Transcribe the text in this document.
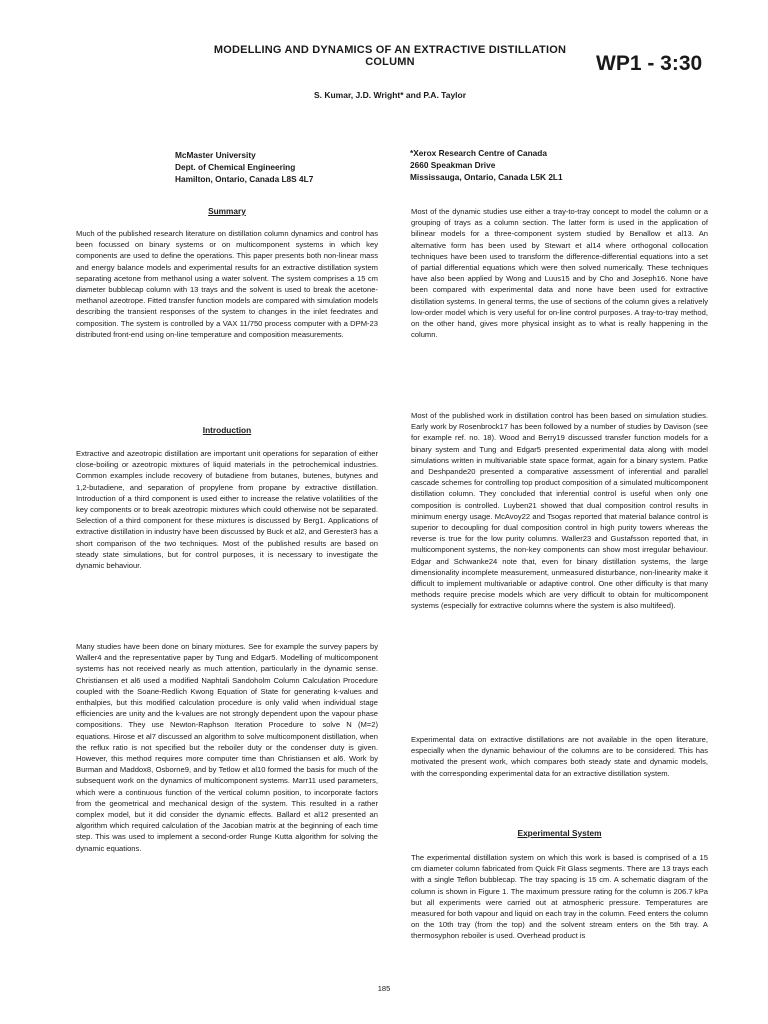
MODELLING AND DYNAMICS OF AN EXTRACTIVE DISTILLATION COLUMN	WP1 - 3:30
S. Kumar, J.D. Wright* and P.A. Taylor
McMaster University
Dept. of Chemical Engineering
Hamilton, Ontario, Canada L8S 4L7
*Xerox Research Centre of Canada
2660 Speakman Drive
Mississauga, Ontario, Canada L5K 2L1
Summary
Much of the published research literature on distillation column dynamics and control has been focussed on binary systems or on multicomponent systems in which key components are used to define the operations. This paper presents both non-linear mass and energy balance models and experimental results for an extractive distillation system separating acetone from methanol using a water solvent. The system comprises a 15 cm diameter bubblecap column with 13 trays and the solvent is used to break the acetone-methanol azeotrope. Fitted transfer function models are compared with simulation models describing the transient responses of the system to changes in the inlet feedrates and composition. The system is controlled by a VAX 11/750 process computer with a DPM-23 distributed front-end using on-line temperature and composition measurements.
Introduction
Extractive and azeotropic distillation are important unit operations for separation of either close-boiling or azeotropic mixtures of liquid materials in the petrochemical industries. Common examples include recovery of butadiene from butanes, butenes, butynes and 1,2-butadiene, and separation of propylene from propane by extractive distillation. Introduction of a third component is used either to increase the relative volatilities of the key components or to break azeotropic mixtures which could otherwise not be separated. Selection of a third component for these mixtures is discussed by Berg1. Applications of extractive distillation in industry have been discussed by Buck et al2, and Gerester3 has a short comparison of the two techniques. Most of the published results are based on steady state simulations, but for control purposes, it is necessary to investigate the dynamic behaviour.
Many studies have been done on binary mixtures. See for example the survey papers by Waller4 and the representative paper by Tung and Edgar5. Modelling of multicomponent systems has not received nearly as much attention, particularly in the dynamic sense. Christiansen et al6 used a modified Naphtali Sandoholm Column Calculation Procedure coupled with the Soane-Redlich Kwong Equation of State for generating k-values and enthalpies, but this modified calculation procedure is only valid when individual stage efficiencies are unity and the k-values are not strongly dependent upon the vapour phase compositions. They use Newton-Raphson Iteration Procedure to solve N (M=2) equations. Hirose et al7 discussed an algorithm to solve multicomponent distillation, when the reflux ratio is not specified but the reboiler duty or the condenser duty is given. However, this method requires more computer time than Christiansen et al6. Work by Burman and Maddox8, Osborne9, and by Tetlow et al10 formed the basis for much of the subsequent work on the dynamics of multicomponent systems. Marr11 used parameters, which were a continuous function of the vertical column position, to incorporate factors from the geometrical and mechanical design of the system. This resulted in a rather complex model, but it did consider the dynamic effects. Ballard et al12 presented an algorithm which required calculation of the Jacobian matrix at the beginning of each time step. This was used to implement a second-order Runge Kutta algorithm for solving the dynamic equations.
Most of the dynamic studies use either a tray-to-tray concept to model the column or a grouping of trays as a column section. The latter form is used in the application of bilinear models for a three-component system studied by Benallow et al13. An alternative form has been used by Stewart et al14 where orthogonal collocation techniques have been used to transform the difference-differential equations into a set of partial differential equations which were then solved numerically. These techniques have also been applied by Wong and Luus15 and by Cho and Joseph16. None have been compared with experimental data and none have been used for extractive distillation systems. In general terms, the use of sections of the column gives a relatively low-order model which is very useful for on-line control purposes. A tray-to-tray method, on the other hand, gives more physical insight as to what is really happening in the column.
Most of the published work in distillation control has been based on simulation studies. Early work by Rosenbrock17 has been followed by a number of studies by Davison (see for example ref. no. 18). Wood and Berry19 discussed transfer function models for a binary system and Tung and Edgar5 presented experimental data along with model simulations written in multivariable state space format, again for a binary system. Patke and Deshpande20 presented a comparative assessment of inferential and parallel cascade schemes for controlling top product composition of a simulated multicomponent distillation column. They concluded that inferential control is useful when only one composition is controlled. Luyben21 showed that dual composition control results in minimum energy usage. McAvoy22 and Tsogas reported that material balance control is superior to decoupling for dual composition control in high purity towers whereas the reverse is true for the low purity columns. Waller23 and Gustafsson reported that, in multicomponent systems, the non-key components can show most irregular behaviour. Edgar and Schwanke24 note that, even for binary distillation systems, the large dimensionality incomplete measurement, unmeasured disturbance, non-linearity make it difficult to implement multivariable or adaptive control. One other difficulty is that many methods require precise models which are very difficult to obtain for multicomponent systems (especially for extractive columns where the system is also multifeed).
Experimental data on extractive distillations are not available in the open literature, especially when the dynamic behaviour of the columns are to be considered. This has motivated the present work, which compares both steady state and dynamic models, with the corresponding experimental data for an extractive distillation system.
Experimental System
The experimental distillation system on which this work is based is comprised of a 15 cm diameter column fabricated from Quick Fit Glass segments. There are 13 trays each with a single Teflon bubblecap. The tray spacing is 15 cm. A schematic diagram of the column is shown in Figure 1. The maximum pressure rating for the column is 206.7 kPa but all experiments were carried out at atmospheric pressure. Temperatures are measured for both vapour and liquid on each tray in the column. Feed enters the column on the 10th tray (from the top) and the solvent stream enters on the 5th tray. A thermosyphon reboiler is used. Overhead product is
185
